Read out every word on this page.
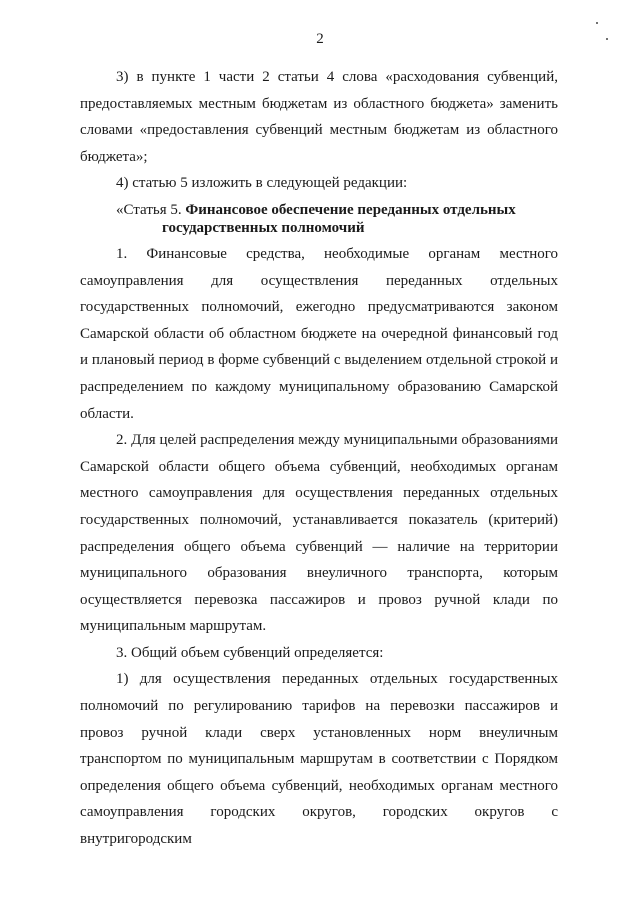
2

3) в пункте 1 части 2 статьи 4 слова «расходования субвенций, предоставляемых местным бюджетам из областного бюджета» заменить словами «предоставления субвенций местным бюджетам из областного бюджета»;

4) статью 5 изложить в следующей редакции:

«Статья 5. Финансовое обеспечение переданных отдельных
государственных полномочий

1. Финансовые средства, необходимые органам местного самоуправления для осуществления переданных отдельных государственных полномочий, ежегодно предусматриваются законом Самарской области об областном бюджете на очередной финансовый год и плановый период в форме субвенций с выделением отдельной строкой и распределением по каждому муниципальному образованию Самарской области.

2. Для целей распределения между муниципальными образованиями Самарской области общего объема субвенций, необходимых органам местного самоуправления для осуществления переданных отдельных государственных полномочий, устанавливается показатель (критерий) распределения общего объема субвенций — наличие на территории муниципального образования внеуличного транспорта, которым осуществляется перевозка пассажиров и провоз ручной клади по муниципальным маршрутам.

3. Общий объем субвенций определяется:

1) для осуществления переданных отдельных государственных полномочий по регулированию тарифов на перевозки пассажиров и провоз ручной клади сверх установленных норм внеуличным транспортом по муниципальным маршрутам в соответствии с Порядком определения общего объема субвенций, необходимых органам местного самоуправления городских округов, городских округов с внутригородским
